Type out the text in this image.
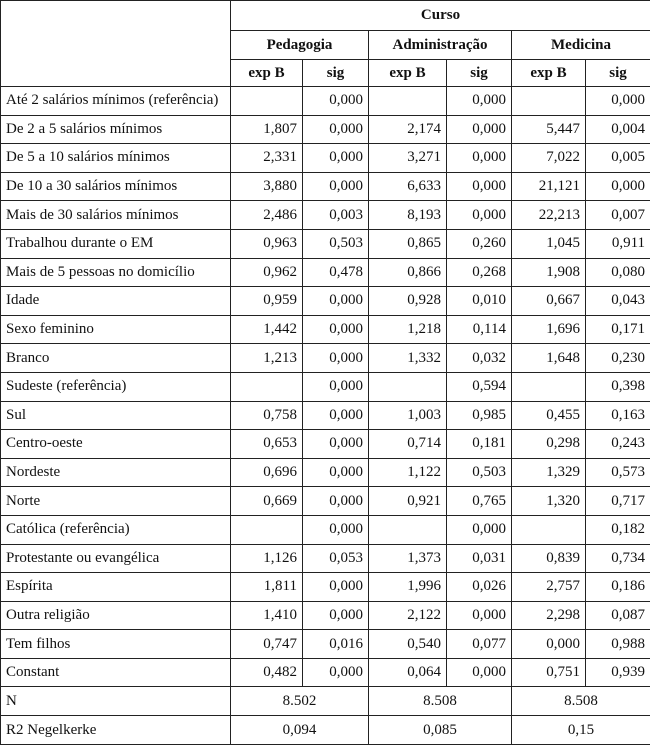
	Curso					
	Pedagogia		Administração		Medicina	
	exp B	sig	exp B	sig	exp B	sig
Até 2 salários mínimos (referência)		0,000		0,000		0,000
De 2 a 5 salários mínimos	1,807	0,000	2,174	0,000	5,447	0,004
De 5 a 10 salários mínimos	2,331	0,000	3,271	0,000	7,022	0,005
De 10 a 30 salários mínimos	3,880	0,000	6,633	0,000	21,121	0,000
Mais de 30 salários mínimos	2,486	0,003	8,193	0,000	22,213	0,007
Trabalhou durante o EM	0,963	0,503	0,865	0,260	1,045	0,911
Mais de 5 pessoas no domicílio	0,962	0,478	0,866	0,268	1,908	0,080
Idade	0,959	0,000	0,928	0,010	0,667	0,043
Sexo feminino	1,442	0,000	1,218	0,114	1,696	0,171
Branco	1,213	0,000	1,332	0,032	1,648	0,230
Sudeste (referência)		0,000		0,594		0,398
Sul	0,758	0,000	1,003	0,985	0,455	0,163
Centro-oeste	0,653	0,000	0,714	0,181	0,298	0,243
Nordeste	0,696	0,000	1,122	0,503	1,329	0,573
Norte	0,669	0,000	0,921	0,765	1,320	0,717
Católica (referência)		0,000		0,000		0,182
Protestante ou evangélica	1,126	0,053	1,373	0,031	0,839	0,734
Espírita	1,811	0,000	1,996	0,026	2,757	0,186
Outra religião	1,410	0,000	2,122	0,000	2,298	0,087
Tem filhos	0,747	0,016	0,540	0,077	0,000	0,988
Constant	0,482	0,000	0,064	0,000	0,751	0,939
N	8.502		8.508		8.508	
R2 Negelkerke	0,094		0,085		0,15	
